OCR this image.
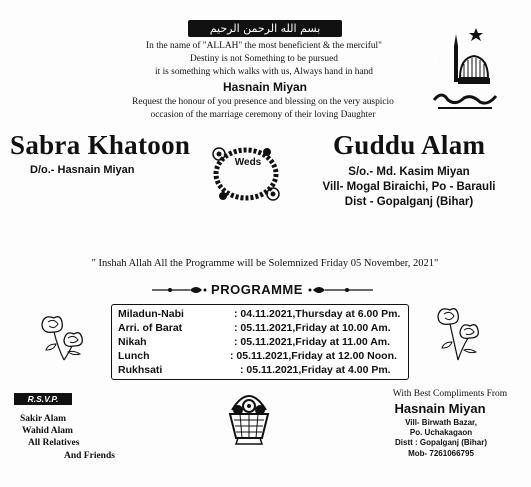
بسم الله الرحمن الرحيم
In the name of "ALLAH" the most beneficient & the merciful"
Destiny is not Something to be pursued
it is something which walks with us, Always hand in hand
Hasnain Miyan
Request the honour of you presence and blessing on the very auspicio
occasion of the marriage ceremony of their loving Daughter
Sabra Khatoon
D/o.- Hasnain Miyan
Weds
Guddu Alam
S/o.- Md. Kasim Miyan
Vill- Mogal Biraichi, Po - Barauli
Dist - Gopalganj (Bihar)
" Inshah Allah All the Programme will be Solemnized Friday 05 November, 2021"
PROGRAMME
Miladun-Nabi	: 04.11.2021,Thursday at 6.00 Pm.
Arri. of Barat	: 05.11.2021,Friday at 10.00 Am.
Nikah	: 05.11.2021,Friday at 11.00 Am.
Lunch	: 05.11.2021,Friday at 12.00 Noon.
Rukhsati	: 05.11.2021,Friday at 4.00 Pm.
R.S.V.P.
Sakir Alam
Wahid Alam
All Relatives
And Friends
With Best Compliments From
Hasnain Miyan
Vill- Birwath Bazar,
Po. Uchakagaon
Distt : Gopalganj (Bihar)
Mob- 7261066795
